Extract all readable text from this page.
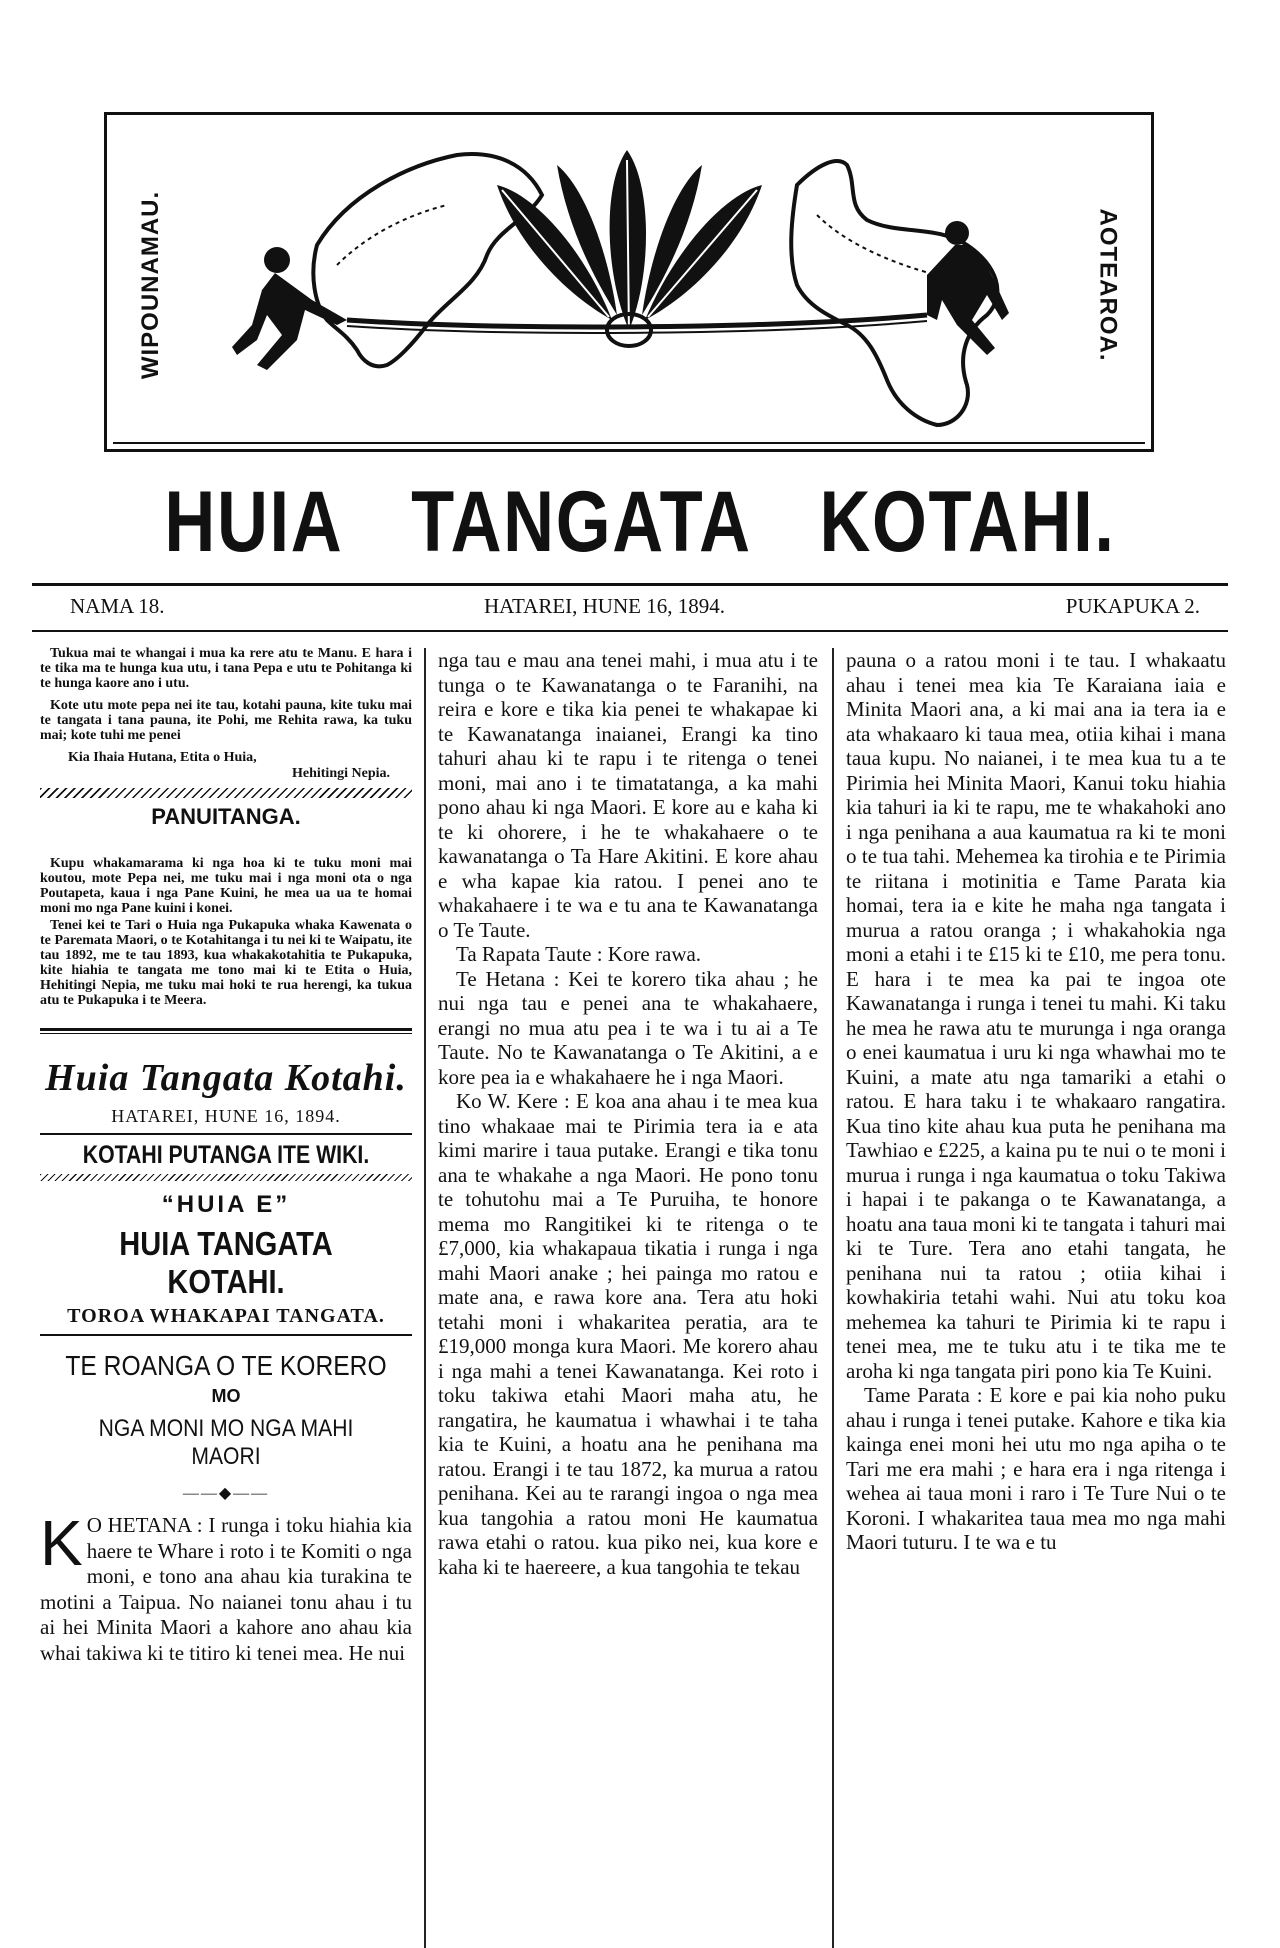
WIPOUNAMAU.	AOTEAROA.
HUIA TANGATA KOTAHI.
NAMA 18.	HATAREI, HUNE 16, 1894.	PUKAPUKA 2.

Tukua mai te whangai i mua ka rere atu te Manu. E hara i te tika ma te hunga kua utu, i tana Pepa e utu te Pohitanga ki te hunga kaore ano i utu.

Kote utu mote pepa nei ite tau, kotahi pauna, kite tuku mai te tangata i tana pauna, ite Pohi, me Rehita rawa, ka tuku mai; kote tuhi me penei

Kia Ihaia Hutana, Etita o Huia,
Hehitingi Nepia.
PANUITANGA.

Kupu whakamarama ki nga hoa ki te tuku moni mai koutou, mote Pepa nei, me tuku mai i nga moni ota o nga Poutapeta, kaua i nga Pane Kuini, he mea ua ua te homai moni mo nga Pane kuini i konei.

Tenei kei te Tari o Huia nga Pukapuka whaka Kawenata o te Paremata Maori, o te Kotahitanga i tu nei ki te Waipatu, ite tau 1892, me te tau 1893, kua whakakotahitia te Pukapuka, kite hiahia te tangata me tono mai ki te Etita o Huia, Hehitingi Nepia, me tuku mai hoki te rua herengi, ka tukua atu te Pukapuka i te Meera.

Huia Tangata Kotahi.
HATAREI, HUNE 16, 1894.
KOTAHI PUTANGA ITE WIKI.
“HUIA E”
HUIA TANGATA KOTAHI.
TOROA WHAKAPAI TANGATA.
TE ROANGA O TE KORERO
MO
NGA MONI MO NGA MAHI MAORI
——◆——

KO HETANA : I runga i toku hiahia kia haere te Whare i roto i te Komiti o nga moni, e tono ana ahau kia turakina te motini a Taipua. No naianei tonu ahau i tu ai hei Minita Maori a kahore ano ahau kia whai takiwa ki te titiro ki tenei mea. He nui

nga tau e mau ana tenei mahi, i mua atu i te tunga o te Kawanatanga o te Faranihi, na reira e kore e tika kia penei te whakapae ki te Kawanatanga inaianei, Erangi ka tino tahuri ahau ki te rapu i te ritenga o tenei moni, mai ano i te timatatanga, a ka mahi pono ahau ki nga Maori. E kore au e kaha ki te ki ohorere, i he te whakahaere o te kawanatanga o Ta Hare Akitini. E kore ahau e wha kapae kia ratou. I penei ano te whakahaere i te wa e tu ana te Kawanatanga o Te Taute.

Ta Rapata Taute : Kore rawa.

Te Hetana : Kei te korero tika ahau ; he nui nga tau e penei ana te whakahaere, erangi no mua atu pea i te wa i tu ai a Te Taute. No te Kawanatanga o Te Akitini, a e kore pea ia e whakahaere he i nga Maori.

Ko W. Kere : E koa ana ahau i te mea kua tino whakaae mai te Pirimia tera ia e ata kimi marire i taua putake. Erangi e tika tonu ana te whakahe a nga Maori. He pono tonu te tohutohu mai a Te Puruiha, te honore mema mo Rangitikei ki te ritenga o te £7,000, kia whakapaua tikatia i runga i nga mahi Maori anake ; hei painga mo ratou e mate ana, e rawa kore ana. Tera atu hoki tetahi moni i whakaritea peratia, ara te £19,000 monga kura Maori. Me korero ahau i nga mahi a tenei Kawanatanga. Kei roto i toku takiwa etahi Maori maha atu, he rangatira, he kaumatua i whawhai i te taha kia te Kuini, a hoatu ana he penihana ma ratou. Erangi i te tau 1872, ka murua a ratou penihana. Kei au te rarangi ingoa o nga mea kua tangohia a ratou moni He kaumatua rawa etahi o ratou. kua piko nei, kua kore e kaha ki te haereere, a kua tangohia te tekau

pauna o a ratou moni i te tau. I whakaatu ahau i tenei mea kia Te Karaiana iaia e Minita Maori ana, a ki mai ana ia tera ia e ata whakaaro ki taua mea, otiia kihai i mana taua kupu. No naianei, i te mea kua tu a te Pirimia hei Minita Maori, Kanui toku hiahia kia tahuri ia ki te rapu, me te whakahoki ano i nga penihana a aua kaumatua ra ki te moni o te tua tahi. Mehemea ka tirohia e te Pirimia te riitana i motinitia e Tame Parata kia homai, tera ia e kite he maha nga tangata i murua a ratou oranga ; i whakahokia nga moni a etahi i te £15 ki te £10, me pera tonu. E hara i te mea ka pai te ingoa ote Kawanatanga i runga i tenei tu mahi. Ki taku he mea he rawa atu te murunga i nga oranga o enei kaumatua i uru ki nga whawhai mo te Kuini, a mate atu nga tamariki a etahi o ratou. E hara taku i te whakaaro rangatira. Kua tino kite ahau kua puta he penihana ma Tawhiao e £225, a kaina pu te nui o te moni i murua i runga i nga kaumatua o toku Takiwa i hapai i te pakanga o te Kawanatanga, a hoatu ana taua moni ki te tangata i tahuri mai ki te Ture. Tera ano etahi tangata, he penihana nui ta ratou ; otiia kihai i kowhakiria tetahi wahi. Nui atu toku koa mehemea ka tahuri te Pirimia ki te rapu i tenei mea, me te tuku atu i te tika me te aroha ki nga tangata piri pono kia Te Kuini.

Tame Parata : E kore e pai kia noho puku ahau i runga i tenei putake. Kahore e tika kia kainga enei moni hei utu mo nga apiha o te Tari me era mahi ; e hara era i nga ritenga i wehea ai taua moni i raro i Te Ture Nui o te Koroni. I whakaritea taua mea mo nga mahi Maori tuturu. I te wa e tu
